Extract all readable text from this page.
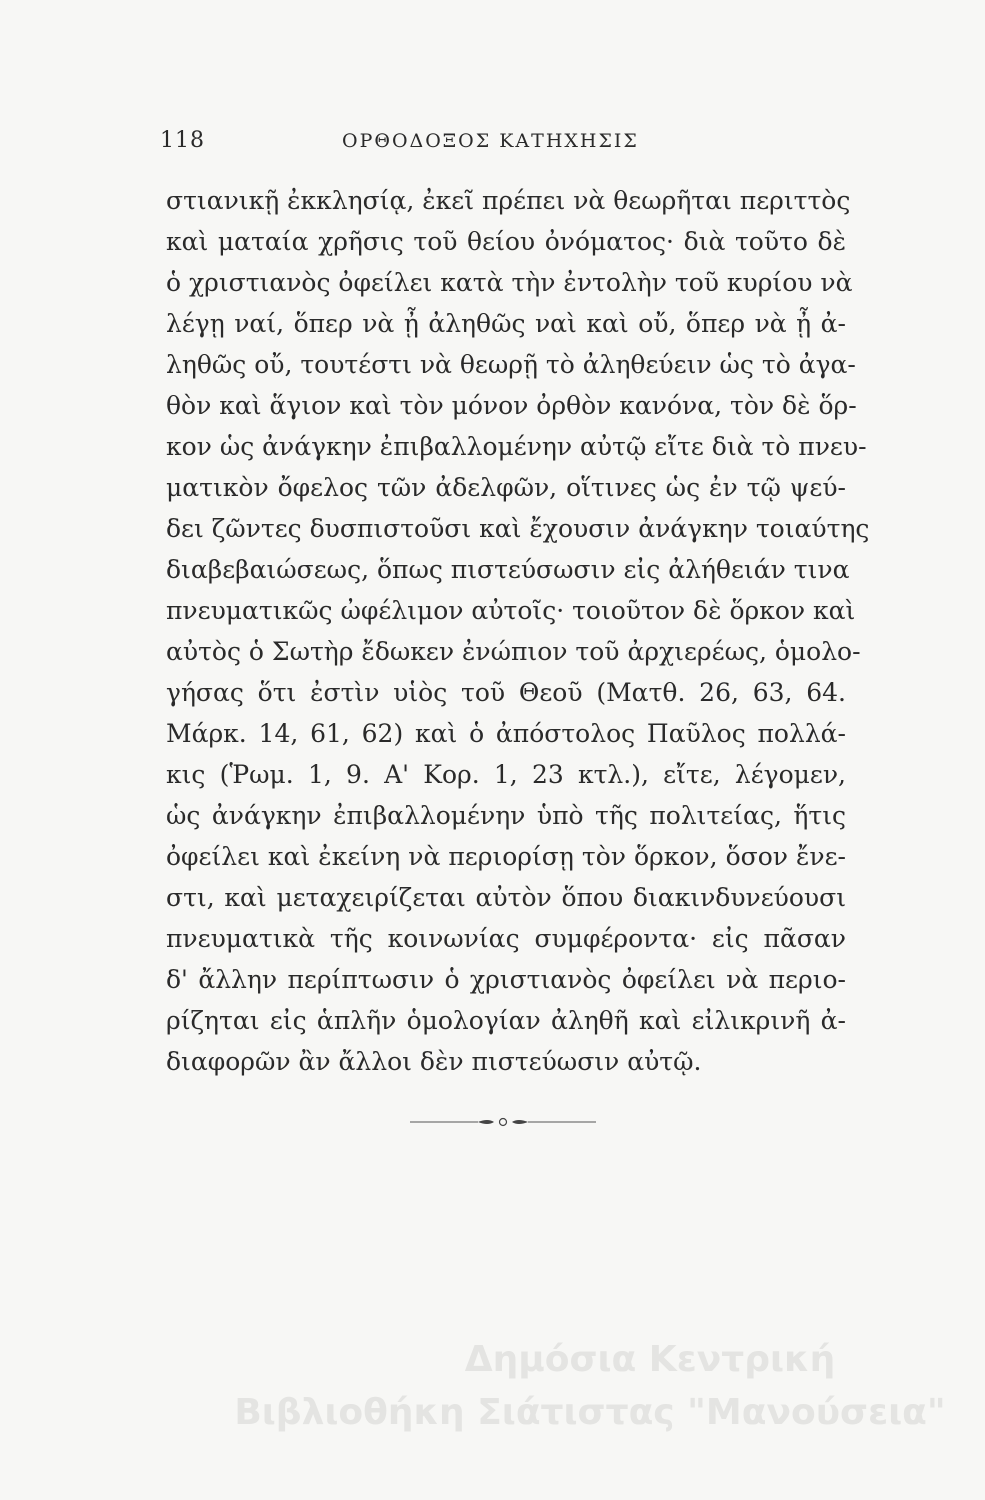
118	ΟΡΘΟΔΟΞΟΣ ΚΑΤΗΧΗΣΙΣ
στιανικῇ ἐκκλησίᾳ, ἐκεῖ πρέπει νὰ θεωρῆται περιττὸς
καὶ ματαία χρῆσις τοῦ θείου ὀνόματος· διὰ τοῦτο δὲ
ὁ χριστιανὸς ὀφείλει κατὰ τὴν ἐντολὴν τοῦ κυρίου νὰ
λέγῃ ναί, ὅπερ νὰ ᾖ ἀληθῶς ναὶ καὶ οὔ, ὅπερ νὰ ᾖ ἀ-
ληθῶς οὔ, τουτέστι νὰ θεωρῇ τὸ ἀληθεύειν ὡς τὸ ἀγα-
θὸν καὶ ἅγιον καὶ τὸν μόνον ὀρθὸν κανόνα, τὸν δὲ ὅρ-
κον ὡς ἀνάγκην ἐπιβαλλομένην αὐτῷ εἴτε διὰ τὸ πνευ-
ματικὸν ὄφελος τῶν ἀδελφῶν, οἵτινες ὡς ἐν τῷ ψεύ-
δει ζῶντες δυσπιστοῦσι καὶ ἔχουσιν ἀνάγκην τοιαύτης
διαβεβαιώσεως, ὅπως πιστεύσωσιν εἰς ἀλήθειάν τινα
πνευματικῶς ὠφέλιμον αὐτοῖς· τοιοῦτον δὲ ὅρκον καὶ
αὐτὸς ὁ Σωτὴρ ἔδωκεν ἐνώπιον τοῦ ἀρχιερέως, ὁμολο-
γήσας ὅτι ἐστὶν υἱὸς τοῦ Θεοῦ (Ματθ. 26, 63, 64.
Μάρκ. 14, 61, 62) καὶ ὁ ἀπόστολος Παῦλος πολλά-
κις (Ῥωμ. 1, 9. Α' Κορ. 1, 23 κτλ.), εἴτε, λέγομεν,
ὡς ἀνάγκην ἐπιβαλλομένην ὑπὸ τῆς πολιτείας, ἥτις
ὀφείλει καὶ ἐκείνη νὰ περιορίσῃ τὸν ὅρκον, ὅσον ἔνε-
στι, καὶ μεταχειρίζεται αὐτὸν ὅπου διακινδυνεύουσι
πνευματικὰ τῆς κοινωνίας συμφέροντα· εἰς πᾶσαν
δ' ἄλλην περίπτωσιν ὁ χριστιανὸς ὀφείλει νὰ περιο-
ρίζηται εἰς ἁπλῆν ὁμολογίαν ἀληθῆ καὶ εἰλικρινῆ ἀ-
διαφορῶν ἂν ἄλλοι δὲν πιστεύωσιν αὐτῷ.
Δημόσια Κεντρική
Βιβλιοθήκη Σιάτιστας "Μανούσεια"
